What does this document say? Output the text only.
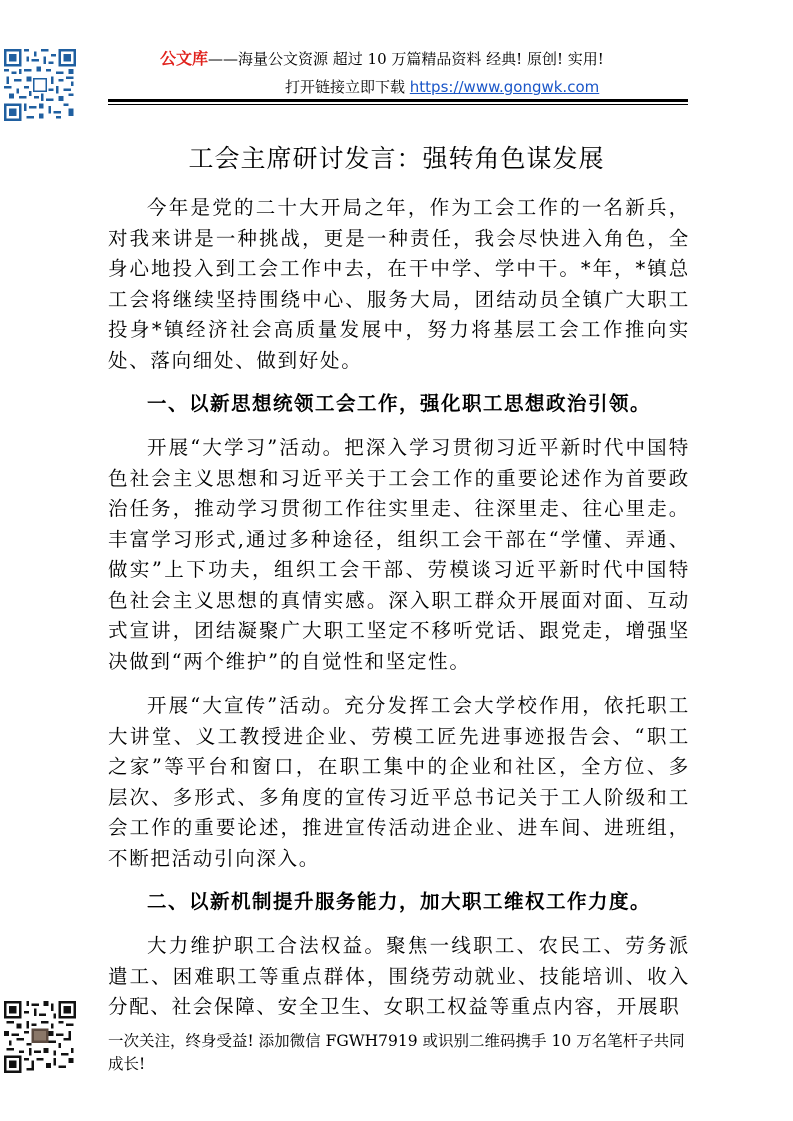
公文库——海量公文资源 超过 10 万篇精品资料 经典! 原创! 实用!
打开链接立即下载 https://www.gongwk.com
工会主席研讨发言：强转角色谋发展

今年是党的二十大开局之年，作为工会工作的一名新兵，对我来讲是一种挑战，更是一种责任，我会尽快进入角色，全身心地投入到工会工作中去，在干中学、学中干。*年，*镇总工会将继续坚持围绕中心、服务大局，团结动员全镇广大职工投身*镇经济社会高质量发展中，努力将基层工会工作推向实处、落向细处、做到好处。

一、以新思想统领工会工作，强化职工思想政治引领。

开展“大学习”活动。把深入学习贯彻习近平新时代中国特色社会主义思想和习近平关于工会工作的重要论述作为首要政治任务，推动学习贯彻工作往实里走、往深里走、往心里走。丰富学习形式,通过多种途径，组织工会干部在“学懂、弄通、做实”上下功夫，组织工会干部、劳模谈习近平新时代中国特色社会主义思想的真情实感。深入职工群众开展面对面、互动式宣讲，团结凝聚广大职工坚定不移听党话、跟党走，增强坚决做到“两个维护”的自觉性和坚定性。

开展“大宣传”活动。充分发挥工会大学校作用，依托职工大讲堂、义工教授进企业、劳模工匠先进事迹报告会、“职工之家”等平台和窗口，在职工集中的企业和社区，全方位、多层次、多形式、多角度的宣传习近平总书记关于工人阶级和工会工作的重要论述，推进宣传活动进企业、进车间、进班组，不断把活动引向深入。

二、以新机制提升服务能力，加大职工维权工作力度。

大力维护职工合法权益。聚焦一线职工、农民工、劳务派遣工、困难职工等重点群体，围绕劳动就业、技能培训、收入分配、社会保障、安全卫生、女职工权益等重点内容，开展职

一次关注，终身受益! 添加微信 FGWH7919 或识别二维码携手 10 万名笔杆子共同成长!
